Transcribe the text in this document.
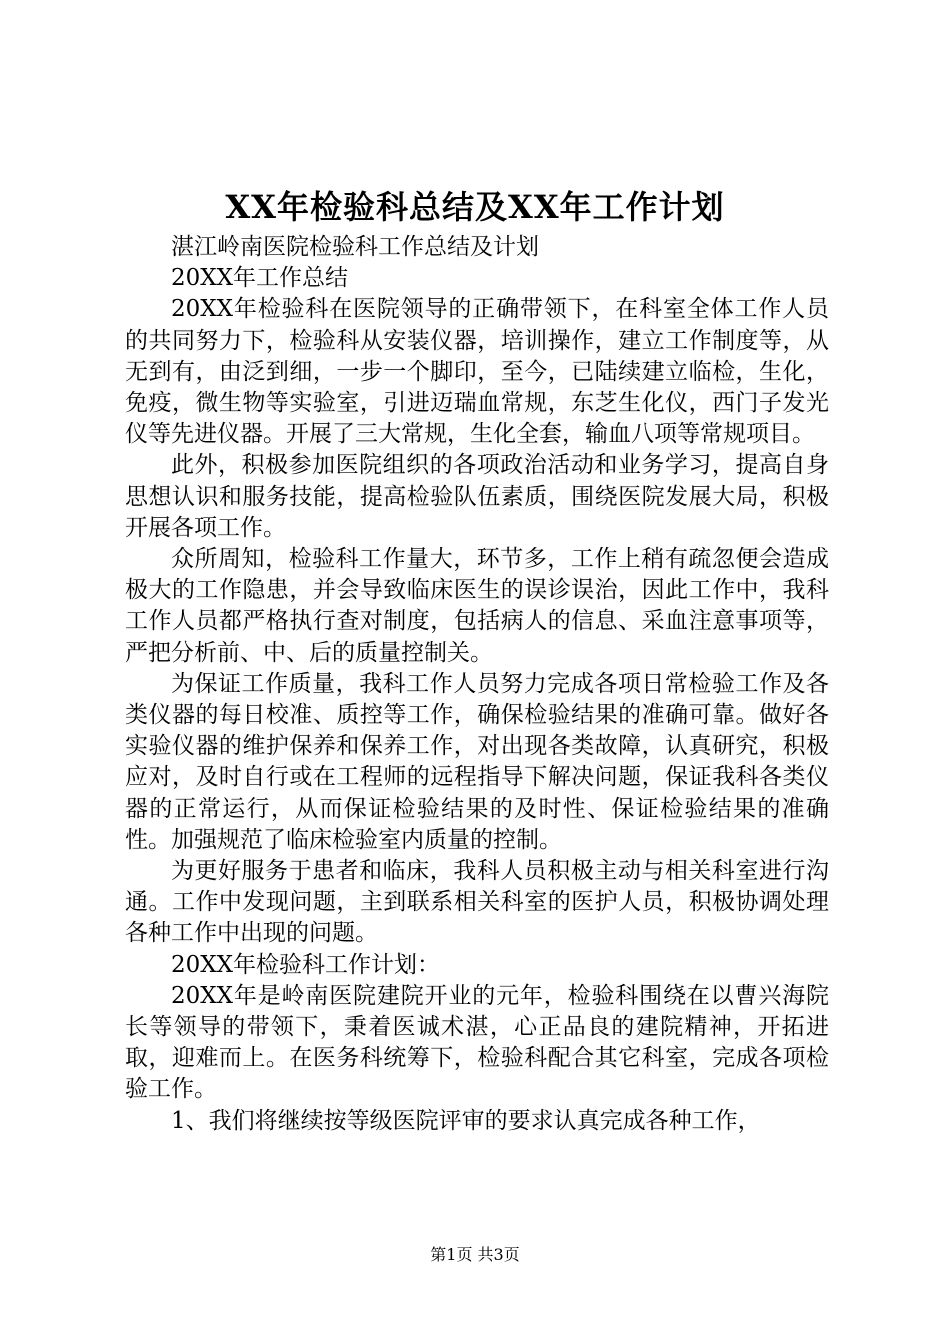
XX年检验科总结及XX年工作计划

湛江岭南医院检验科工作总结及计划

20XX年工作总结

20XX年检验科在医院领导的正确带领下，在科室全体工作人员的共同努力下，检验科从安装仪器，培训操作，建立工作制度等，从无到有，由泛到细，一步一个脚印，至今，已陆续建立临检，生化，免疫，微生物等实验室，引进迈瑞血常规，东芝生化仪，西门子发光仪等先进仪器。开展了三大常规，生化全套，输血八项等常规项目。

此外，积极参加医院组织的各项政治活动和业务学习，提高自身思想认识和服务技能，提高检验队伍素质，围绕医院发展大局，积极开展各项工作。

众所周知，检验科工作量大，环节多，工作上稍有疏忽便会造成极大的工作隐患，并会导致临床医生的误诊误治，因此工作中，我科工作人员都严格执行查对制度，包括病人的信息、采血注意事项等，严把分析前、中、后的质量控制关。

为保证工作质量，我科工作人员努力完成各项日常检验工作及各类仪器的每日校准、质控等工作，确保检验结果的准确可靠。做好各实验仪器的维护保养和保养工作，对出现各类故障，认真研究，积极应对，及时自行或在工程师的远程指导下解决问题，保证我科各类仪器的正常运行，从而保证检验结果的及时性、保证检验结果的准确性。加强规范了临床检验室内质量的控制。

为更好服务于患者和临床，我科人员积极主动与相关科室进行沟通。工作中发现问题，主到联系相关科室的医护人员，积极协调处理各种工作中出现的问题。

20XX年检验科工作计划：

20XX年是岭南医院建院开业的元年，检验科围绕在以曹兴海院长等领导的带领下，秉着医诚术湛，心正品良的建院精神，开拓进取，迎难而上。在医务科统筹下，检验科配合其它科室，完成各项检验工作。

1、我们将继续按等级医院评审的要求认真完成各种工作，

第1页 共3页
